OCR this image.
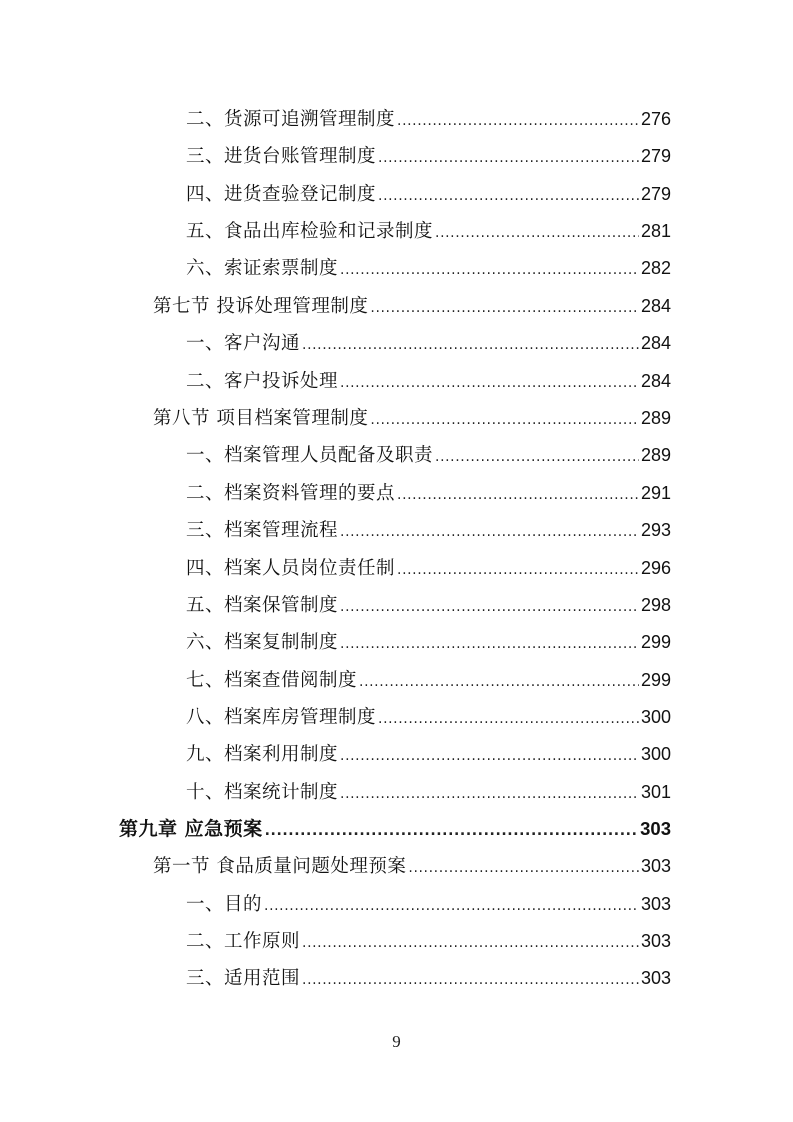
二、货源可追溯管理制度 .....	276
三、进货台账管理制度 .....	279
四、进货查验登记制度 .....	279
五、食品出库检验和记录制度 .....	281
六、索证索票制度 .....	282
第七节 投诉处理管理制度 .....	284
一、客户沟通 .....	284
二、客户投诉处理 .....	284
第八节 项目档案管理制度 .....	289
一、档案管理人员配备及职责 .....	289
二、档案资料管理的要点 .....	291
三、档案管理流程 .....	293
四、档案人员岗位责任制 .....	296
五、档案保管制度 .....	298
六、档案复制制度 .....	299
七、档案查借阅制度 .....	299
八、档案库房管理制度 .....	300
九、档案利用制度 .....	300
十、档案统计制度 .....	301
第九章 应急预案 .....	303
第一节 食品质量问题处理预案 .....	303
一、目的 .....	303
二、工作原则 .....	303
三、适用范围 .....	303
9
